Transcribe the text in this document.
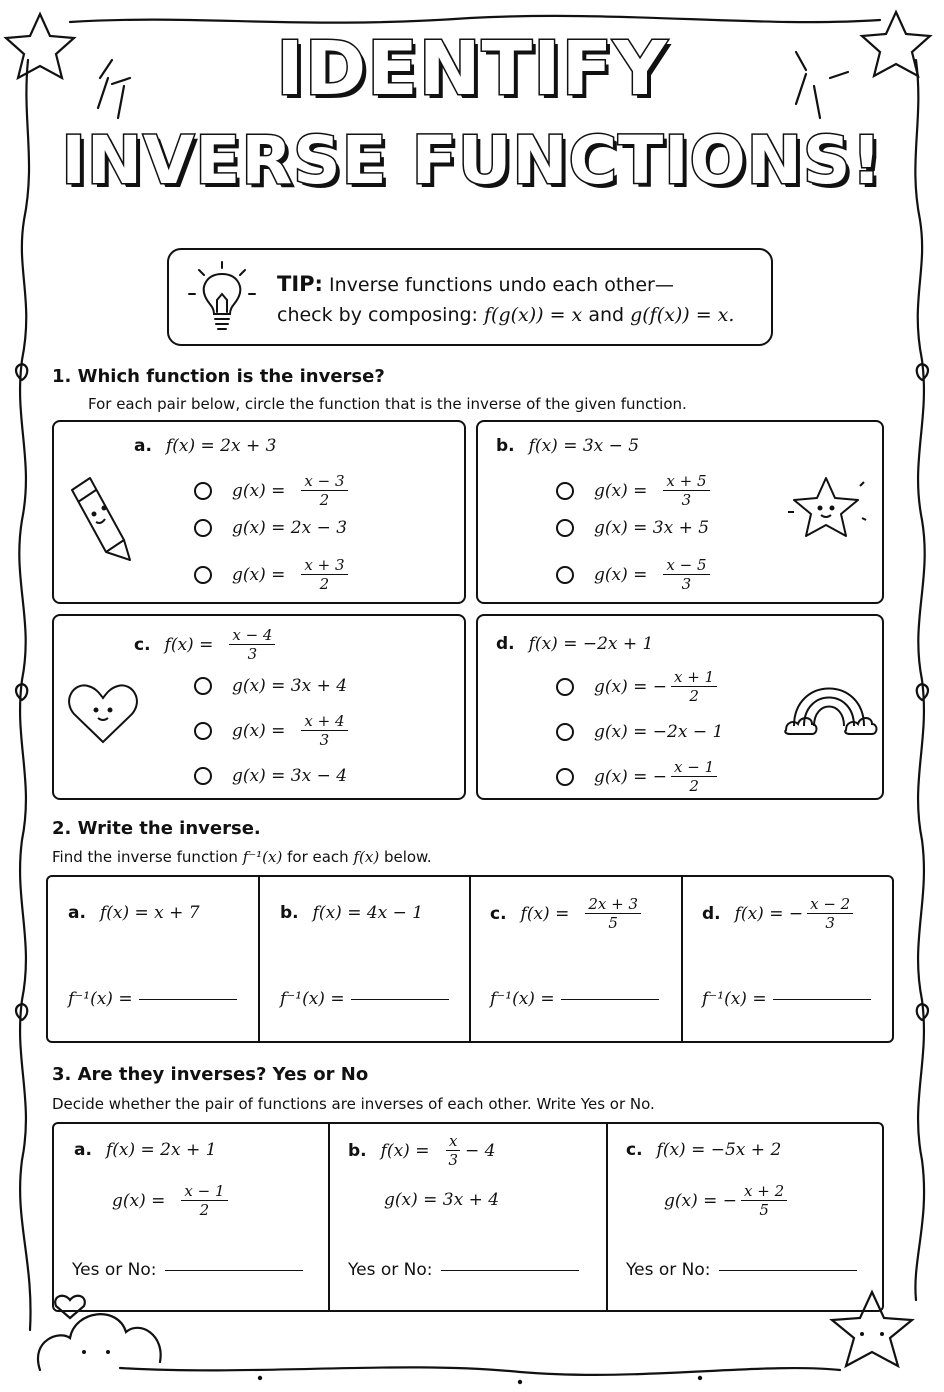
IDENTIFY
INVERSE FUNCTIONS!
TIP: Inverse functions undo each other—
check by composing: f(g(x)) = x and g(f(x)) = x.
1. Which function is the inverse?
For each pair below, circle the function that is the inverse of the given function.
a. f(x) = 2x + 3
$g(x) = \frac{x - 3}{2}$
g(x) = 2x − 3
$g(x) = \frac{x + 3}{2}$
b. f(x) = 3x − 5
$g(x) = \frac{x + 5}{3}$
g(x) = 3x + 5
$g(x) = \frac{x - 5}{3}$
c. $f(x) = \frac{x - 4}{3}$
g(x) = 3x + 4
$g(x) = \frac{x + 4}{3}$
g(x) = 3x − 4
d. f(x) = −2x + 1
g(x) = − $\frac{x + 1}{2}$
g(x) = −2x − 1
g(x) = − $\frac{x - 1}{2}$
2. Write the inverse.
Find the inverse function f⁻¹(x) for each f(x) below.
a. f(x) = x + 7
f⁻¹(x) =
b. f(x) = 4x − 1
f⁻¹(x) =
c. $f(x) = \frac{2x + 3}{5}$
f⁻¹(x) =
d. f(x) = − $\frac{x - 2}{3}$
f⁻¹(x) =
3. Are they inverses? Yes or No
Decide whether the pair of functions are inverses of each other. Write Yes or No.
a. f(x) = 2x + 1
$g(x) = \frac{x - 1}{2}$
Yes or No:
b. $f(x) = \frac{x}{3} - 4$
g(x) = 3x + 4
Yes or No:
c. f(x) = −5x + 2
g(x) = − $\frac{x + 2}{5}$
Yes or No:
